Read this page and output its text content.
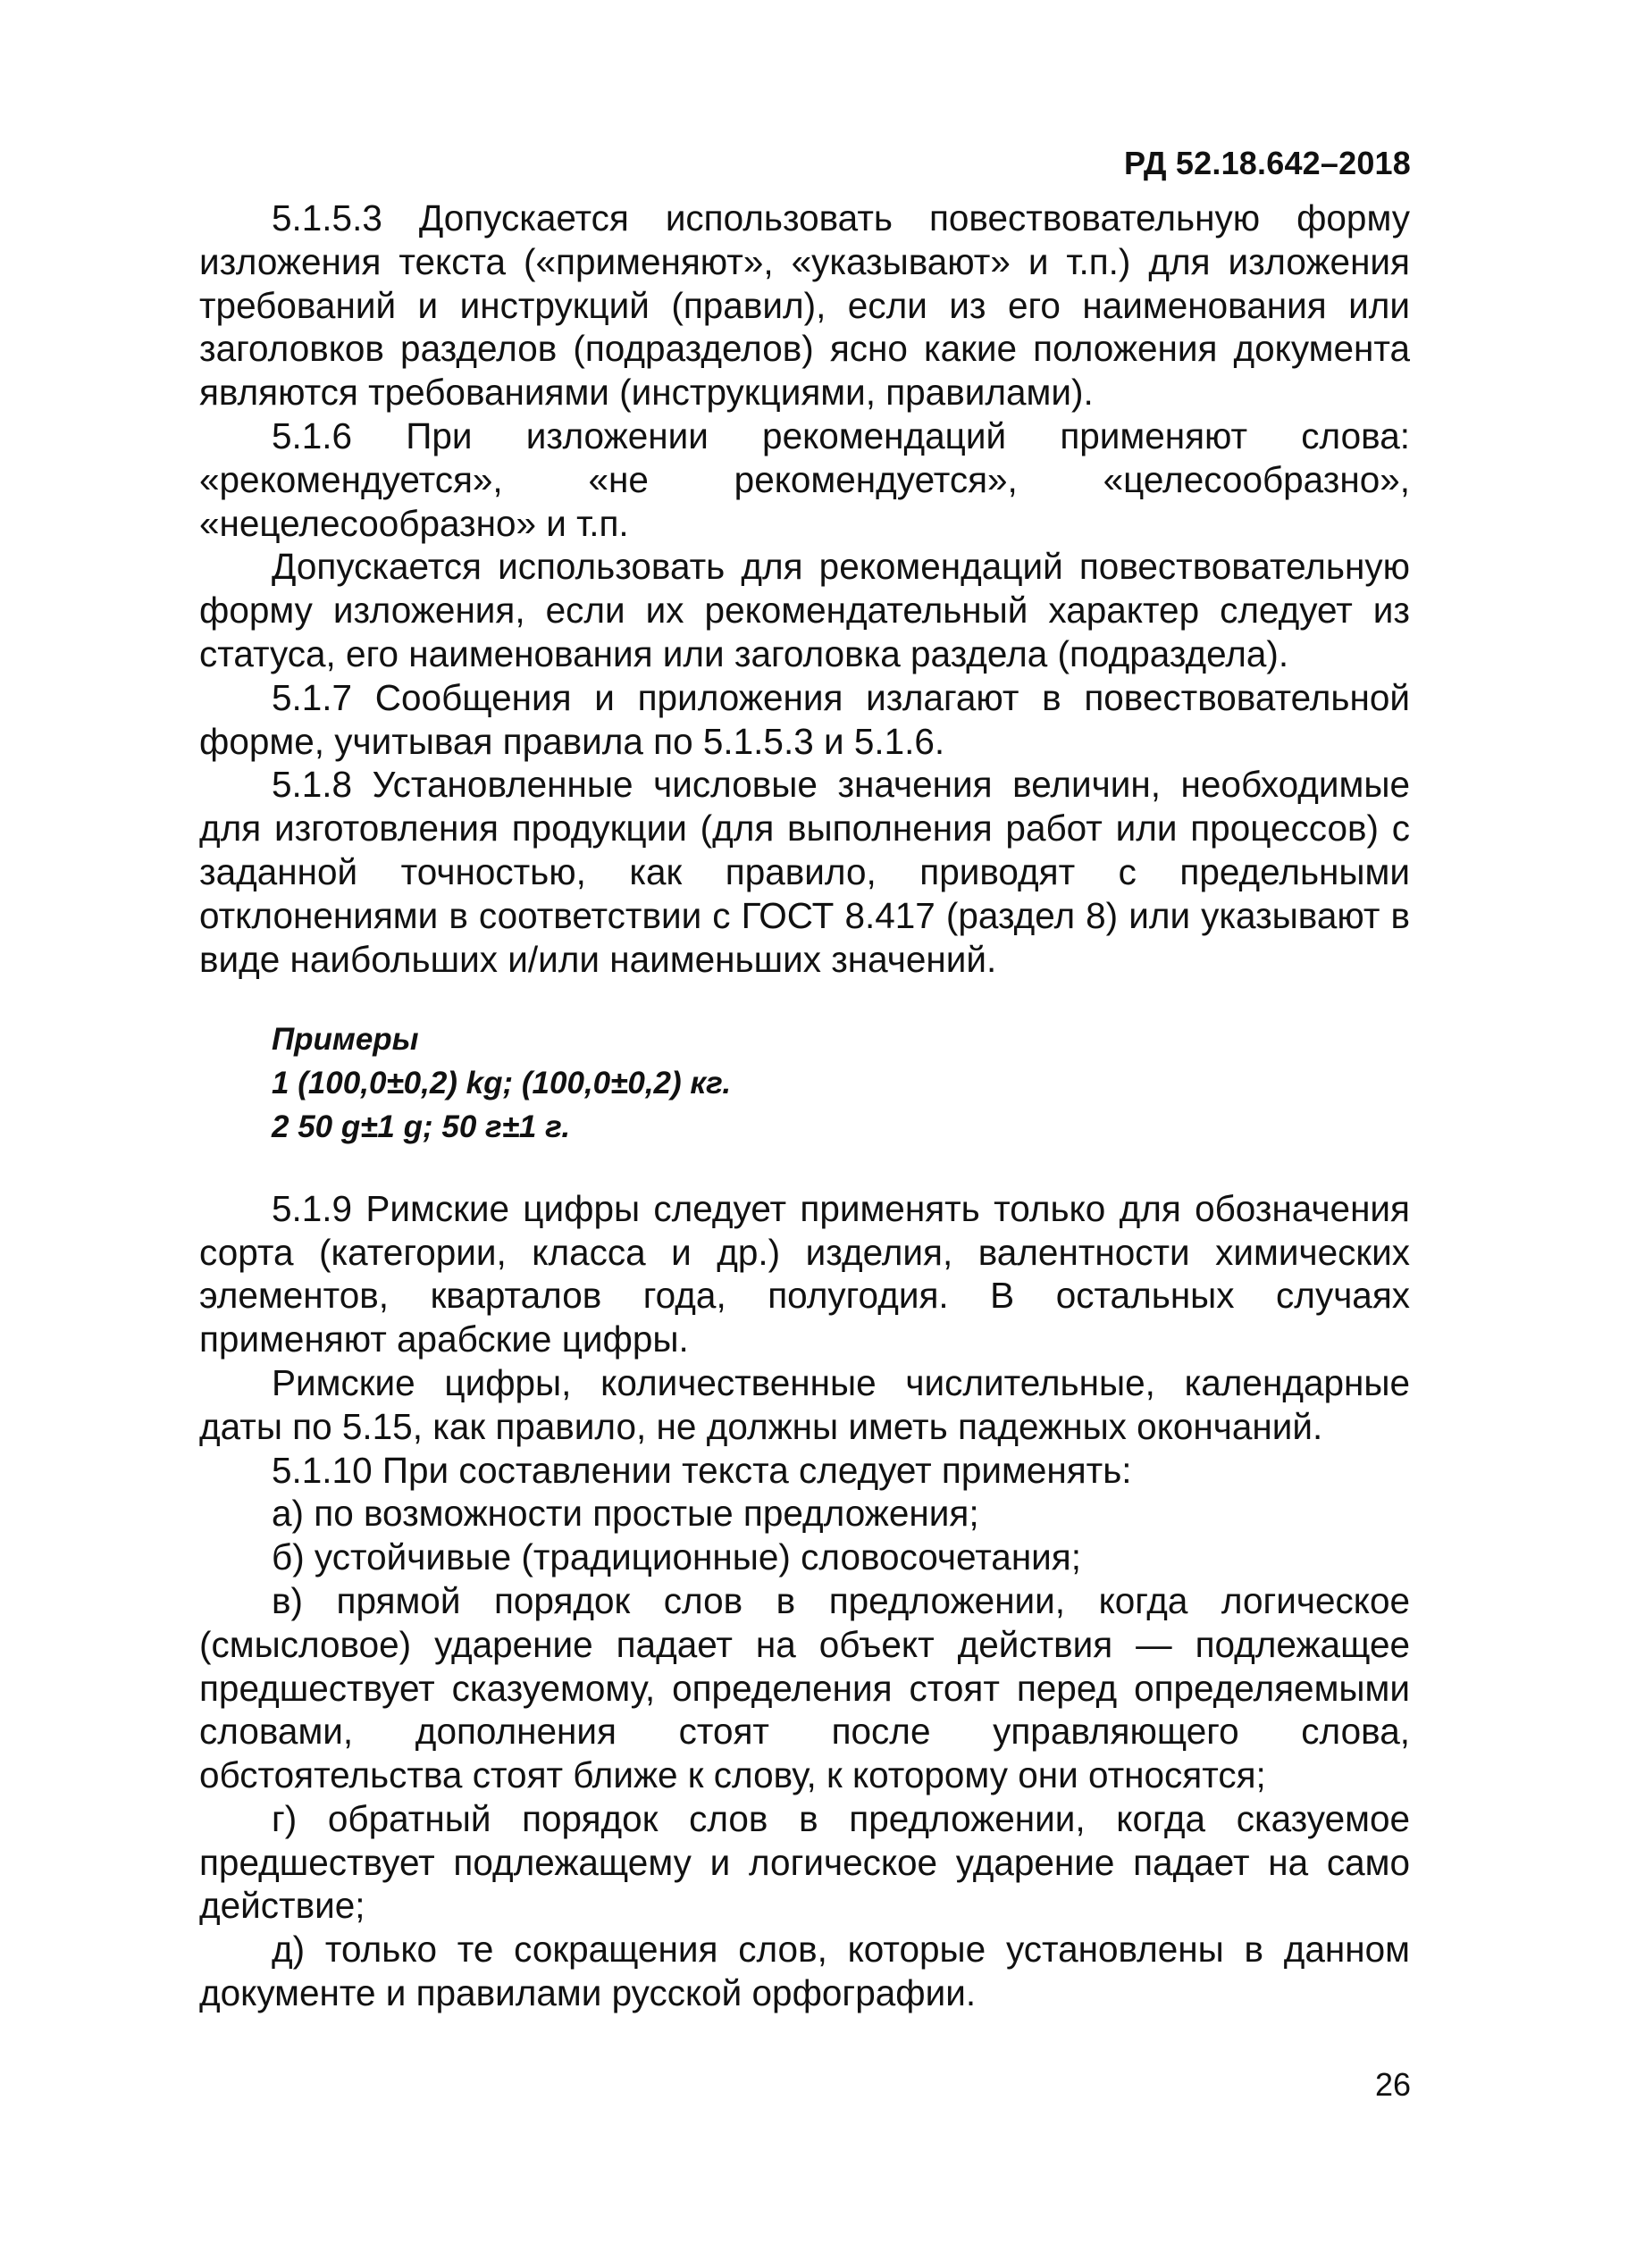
РД 52.18.642–2018

5.1.5.3 Допускается использовать повествовательную форму изложения текста («применяют», «указывают» и т.п.) для изложения требований и инструкций (правил), если из его наименования или заголовков разделов (подразделов) ясно какие положения документа являются требованиями (инструкциями, правилами).

5.1.6 При изложении рекомендаций применяют слова: «рекомендуется», «не рекомендуется», «целесообразно», «нецелесообразно» и т.п.

Допускается использовать для рекомендаций повествовательную форму изложения, если их рекомендательный характер следует из статуса, его наименования или заголовка раздела (подраздела).

5.1.7 Сообщения и приложения излагают в повествовательной форме, учитывая правила по 5.1.5.3 и 5.1.6.

5.1.8 Установленные числовые значения величин, необходимые для изготовления продукции (для выполнения работ или процессов) с заданной точностью, как правило, приводят с предельными отклонениями в соответствии с ГОСТ 8.417 (раздел 8) или указывают в виде наибольших и/или наименьших значений.

Примеры
1 (100,0±0,2) kg; (100,0±0,2) кг.
2 50 g±1 g; 50 г±1 г.

5.1.9 Римские цифры следует применять только для обозначения сорта (категории, класса и др.) изделия, валентности химических элементов, кварталов года, полугодия. В остальных случаях применяют арабские цифры.

Римские цифры, количественные числительные, календарные даты по 5.15, как правило, не должны иметь падежных окончаний.

5.1.10 При составлении текста следует применять:

а) по возможности простые предложения;

б) устойчивые (традиционные) словосочетания;

в) прямой порядок слов в предложении, когда логическое (смысловое) ударение падает на объект действия — подлежащее предшествует сказуемому, определения стоят перед определяемыми словами, дополнения стоят после управляющего слова, обстоятельства стоят ближе к слову, к которому они относятся;

г) обратный порядок слов в предложении, когда сказуемое предшествует подлежащему и логическое ударение падает на само действие;

д) только те сокращения слов, которые установлены в данном документе и правилами русской орфографии.

26
